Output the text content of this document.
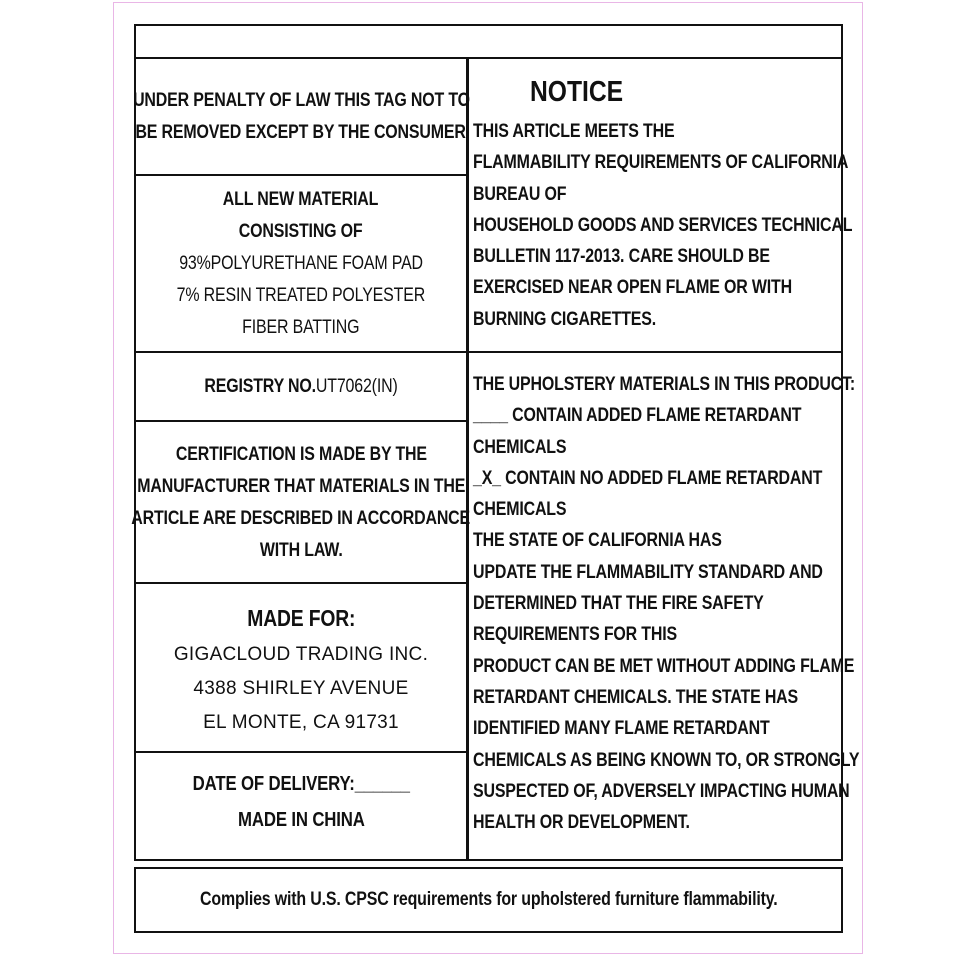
UNDER PENALTY OF LAW THIS TAG NOT TO
BE REMOVED EXCEPT BY THE CONSUMER
ALL NEW MATERIAL
CONSISTING OF
93%POLYURETHANE FOAM PAD
7% RESIN TREATED POLYESTER
FIBER BATTING
REGISTRY NO.UT7062(IN)
CERTIFICATION IS MADE BY THE
MANUFACTURER THAT MATERIALS IN THE
ARTICLE ARE DESCRIBED IN ACCORDANCE
WITH LAW.
MADE FOR:
GIGACLOUD TRADING INC.
4388 SHIRLEY AVENUE
EL MONTE, CA 91731
DATE OF DELIVERY:______
MADE IN CHINA
NOTICE
THIS ARTICLE MEETS THE
FLAMMABILITY REQUIREMENTS OF CALIFORNIA
BUREAU OF
HOUSEHOLD GOODS AND SERVICES TECHNICAL
BULLETIN 117-2013. CARE SHOULD BE
EXERCISED NEAR OPEN FLAME OR WITH
BURNING CIGARETTES.
THE UPHOLSTERY MATERIALS IN THIS PRODUCT:
____ CONTAIN ADDED FLAME RETARDANT
CHEMICALS
_X_ CONTAIN NO ADDED FLAME RETARDANT
CHEMICALS
THE STATE OF CALIFORNIA HAS
UPDATE THE FLAMMABILITY STANDARD AND
DETERMINED THAT THE FIRE SAFETY
REQUIREMENTS FOR THIS
PRODUCT CAN BE MET WITHOUT ADDING FLAME
RETARDANT CHEMICALS. THE STATE HAS
IDENTIFIED MANY FLAME RETARDANT
CHEMICALS AS BEING KNOWN TO, OR STRONGLY
SUSPECTED OF, ADVERSELY IMPACTING HUMAN
HEALTH OR DEVELOPMENT.
Complies with U.S. CPSC requirements for upholstered furniture flammability.
